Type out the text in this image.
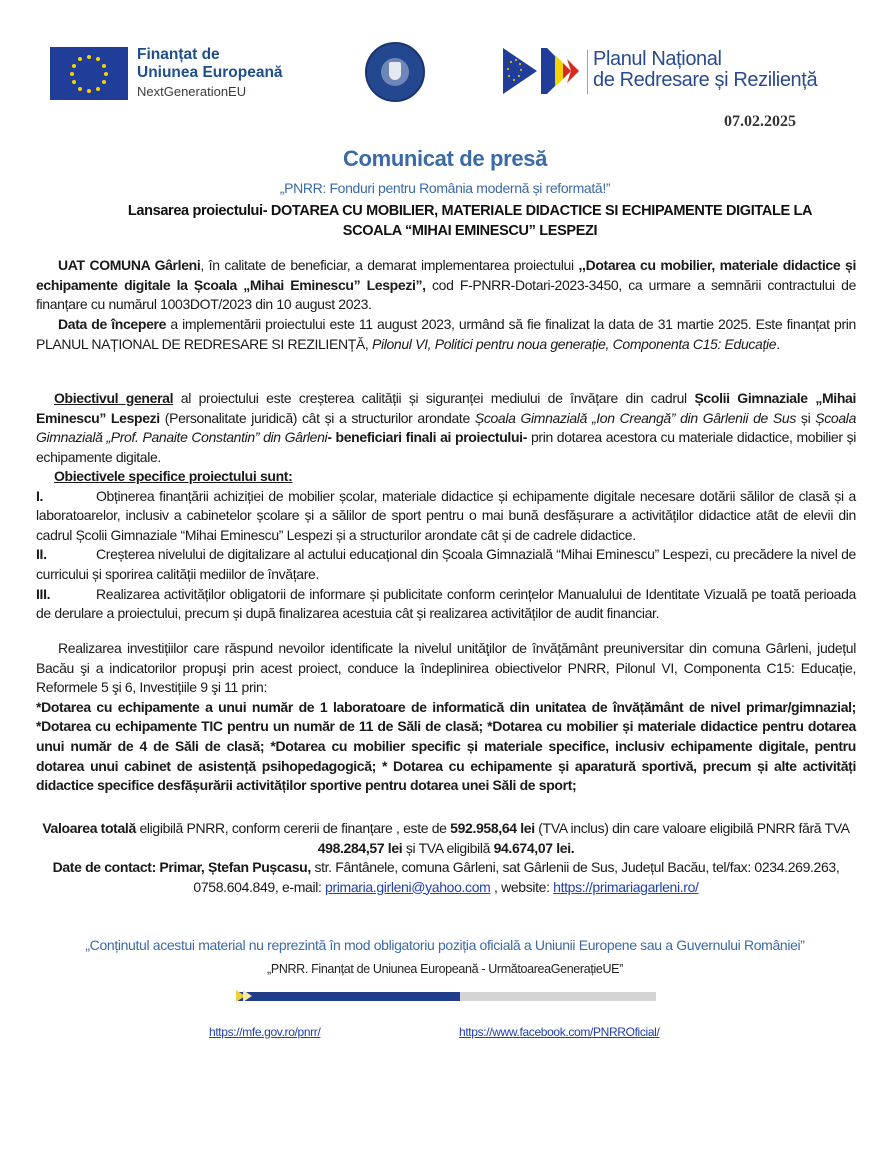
Finanțat de
Uniunea Europeană
NextGenerationEU
Planul Național
de Redresare și Reziliență
07.02.2025
Comunicat de presă
„PNRR: Fonduri pentru România modernă și reformată!”
Lansarea proiectului- DOTAREA CU MOBILIER, MATERIALE DIDACTICE SI ECHIPAMENTE DIGITALE LA
SCOALA “MIHAI EMINESCU” LESPEZI
UAT COMUNA Gârleni, în calitate de beneficiar, a demarat implementarea proiectului ,,Dotarea cu mobilier, materiale didactice și echipamente digitale la Școala „Mihai Eminescu” Lespezi”, cod F-PNRR-Dotari-2023-3450, ca urmare a semnării contractului de finanțare cu numărul 1003DOT/2023 din 10 august 2023.
Data de începere a implementării proiectului este 11 august 2023, urmând să fie finalizat la data de 31 martie 2025. Este finanțat prin PLANUL NAȚIONAL DE REDRESARE SI REZILIENȚĂ, Pilonul VI, Politici pentru noua generație, Componenta C15: Educație.
Obiectivul general al proiectului este creșterea calității și siguranței mediului de învățare din cadrul Școlii Gimnaziale „Mihai Eminescu” Lespezi (Personalitate juridică) cât și a structurilor arondate Școala Gimnazială „Ion Creangă” din Gârlenii de Sus și Școala Gimnazială „Prof. Panaite Constantin” din Gârleni- beneficiari finali ai proiectului- prin dotarea acestora cu materiale didactice, mobilier și echipamente digitale.
Obiectivele specifice proiectului sunt:
I.	Obținerea finanțării achiziției de mobilier școlar, materiale didactice și echipamente digitale necesare dotării sălilor de clasă și a laboratoarelor, inclusiv a cabinetelor școlare și a sălilor de sport pentru o mai bună desfășurare a activităților didactice atât de elevii din cadrul Școlii Gimnaziale “Mihai Eminescu” Lespezi și a structurilor arondate cât și de cadrele didactice.
II.	Creșterea nivelului de digitalizare al actului educațional din Școala Gimnazială “Mihai Eminescu” Lespezi, cu precădere la nivel de curricului și sporirea calității mediilor de învățare.
III.	Realizarea activităților obligatorii de informare și publicitate conform cerințelor Manualului de Identitate Vizuală pe toată perioada de derulare a proiectului, precum și după finalizarea acestuia cât și realizarea activităților de audit financiar.
Realizarea investițiilor care răspund nevoilor identificate la nivelul unităţilor de învățământ preuniversitar din comuna Gârleni, județul Bacău şi a indicatorilor propuşi prin acest proiect, conduce la îndeplinirea obiectivelor PNRR, Pilonul VI, Componenta C15: Educație, Reformele 5 şi 6, Investițiile 9 şi 11 prin:
*Dotarea cu echipamente a unui număr de 1 laboratoare de informatică din unitatea de învățământ de nivel primar/gimnazial; *Dotarea cu echipamente TIC pentru un număr de 11 de Săli de clasă; *Dotarea cu mobilier și materiale didactice pentru dotarea unui număr de 4 de Săli de clasă; *Dotarea cu mobilier specific și materiale specifice, inclusiv echipamente digitale, pentru dotarea unui cabinet de asistență psihopedagogică; * Dotarea cu echipamente și aparatură sportivă, precum și alte activități didactice specifice desfășurării activităților sportive pentru dotarea unei Săli de sport;
Valoarea totală eligibilă PNRR, conform cererii de finanțare , este de 592.958,64 lei (TVA inclus) din care valoare eligibilă PNRR fără TVA 498.284,57 lei și TVA eligibilă 94.674,07 lei.
Date de contact: Primar, Ștefan Pușcasu, str. Fântânele, comuna Gârleni, sat Gârlenii de Sus, Județul Bacău, tel/fax: 0234.269.263, 0758.604.849, e-mail: primaria.girleni@yahoo.com , website: https://primariagarleni.ro/
„Conținutul acestui material nu reprezintă în mod obligatoriu poziția oficială a Uniunii Europene sau a Guvernului României”
„PNRR. Finanțat de Uniunea Europeană - UrmătoareaGenerațieUE”
https://mfe.gov.ro/pnrr/	https://www.facebook.com/PNRROficial/
